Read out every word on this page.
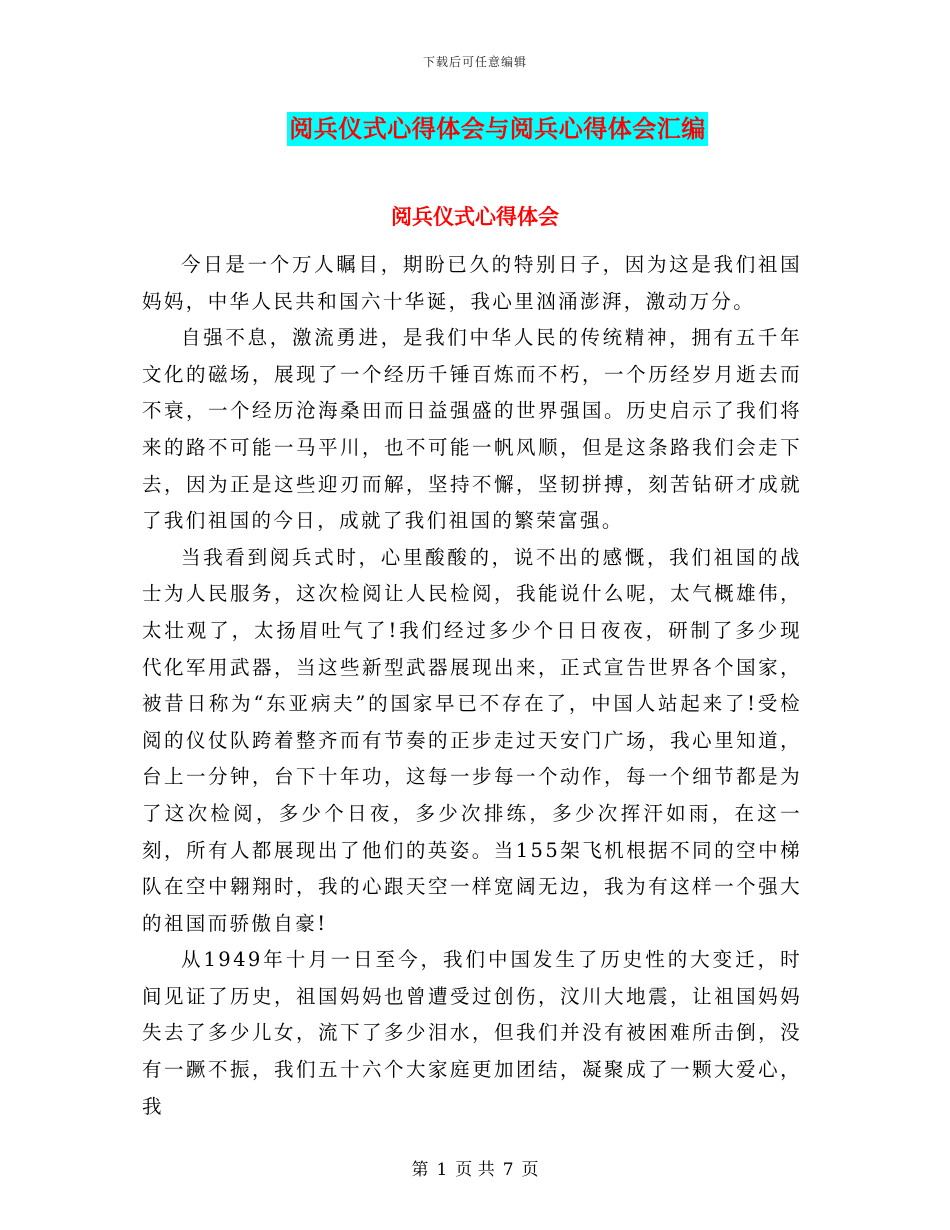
下载后可任意编辑
阅兵仪式心得体会与阅兵心得体会汇编
阅兵仪式心得体会

今日是一个万人瞩目，期盼已久的特别日子，因为这是我们祖国妈妈，中华人民共和国六十华诞，我心里汹涌澎湃，激动万分。

自强不息，激流勇进，是我们中华人民的传统精神，拥有五千年文化的磁场，展现了一个经历千锤百炼而不朽，一个历经岁月逝去而不衰，一个经历沧海桑田而日益强盛的世界强国。历史启示了我们将来的路不可能一马平川，也不可能一帆风顺，但是这条路我们会走下去，因为正是这些迎刃而解，坚持不懈，坚韧拼搏，刻苦钻研才成就了我们祖国的今日，成就了我们祖国的繁荣富强。

当我看到阅兵式时，心里酸酸的，说不出的感慨，我们祖国的战士为人民服务，这次检阅让人民检阅，我能说什么呢，太气概雄伟，太壮观了，太扬眉吐气了!我们经过多少个日日夜夜，研制了多少现代化军用武器，当这些新型武器展现出来，正式宣告世界各个国家，被昔日称为“东亚病夫”的国家早已不存在了，中国人站起来了!受检阅的仪仗队跨着整齐而有节奏的正步走过天安门广场，我心里知道，台上一分钟，台下十年功，这每一步每一个动作，每一个细节都是为了这次检阅，多少个日夜，多少次排练，多少次挥汗如雨，在这一刻，所有人都展现出了他们的英姿。当155架飞机根据不同的空中梯队在空中翱翔时，我的心跟天空一样宽阔无边，我为有这样一个强大的祖国而骄傲自豪!

从1949年十月一日至今，我们中国发生了历史性的大变迁，时间见证了历史，祖国妈妈也曾遭受过创伤，汶川大地震，让祖国妈妈失去了多少儿女，流下了多少泪水，但我们并没有被困难所击倒，没有一蹶不振，我们五十六个大家庭更加团结，凝聚成了一颗大爱心，我

第 1 页 共 7 页
